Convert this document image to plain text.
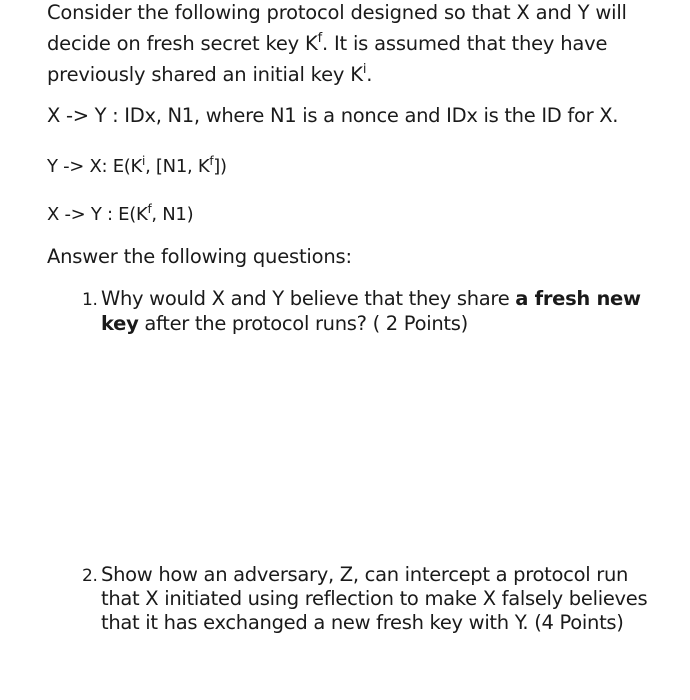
Consider the following protocol designed so that X and Y will
decide on fresh secret key $K^f$. It is assumed that they have
previously shared an initial key $K^i$.
X -> Y : IDx, N1, where N1 is a nonce and IDx is the ID for X.
Y -> X: $E(K^i$, [N1, $K^f$])
X -> Y : $E(K^f$, N1)
Answer the following questions:
1. Why would X and Y believe that they share a fresh new
key after the protocol runs? ( 2 Points)
2. Show how an adversary, Z, can intercept a protocol run
that X initiated using reflection to make X falsely believes
that it has exchanged a new fresh key with Y. (4 Points)
